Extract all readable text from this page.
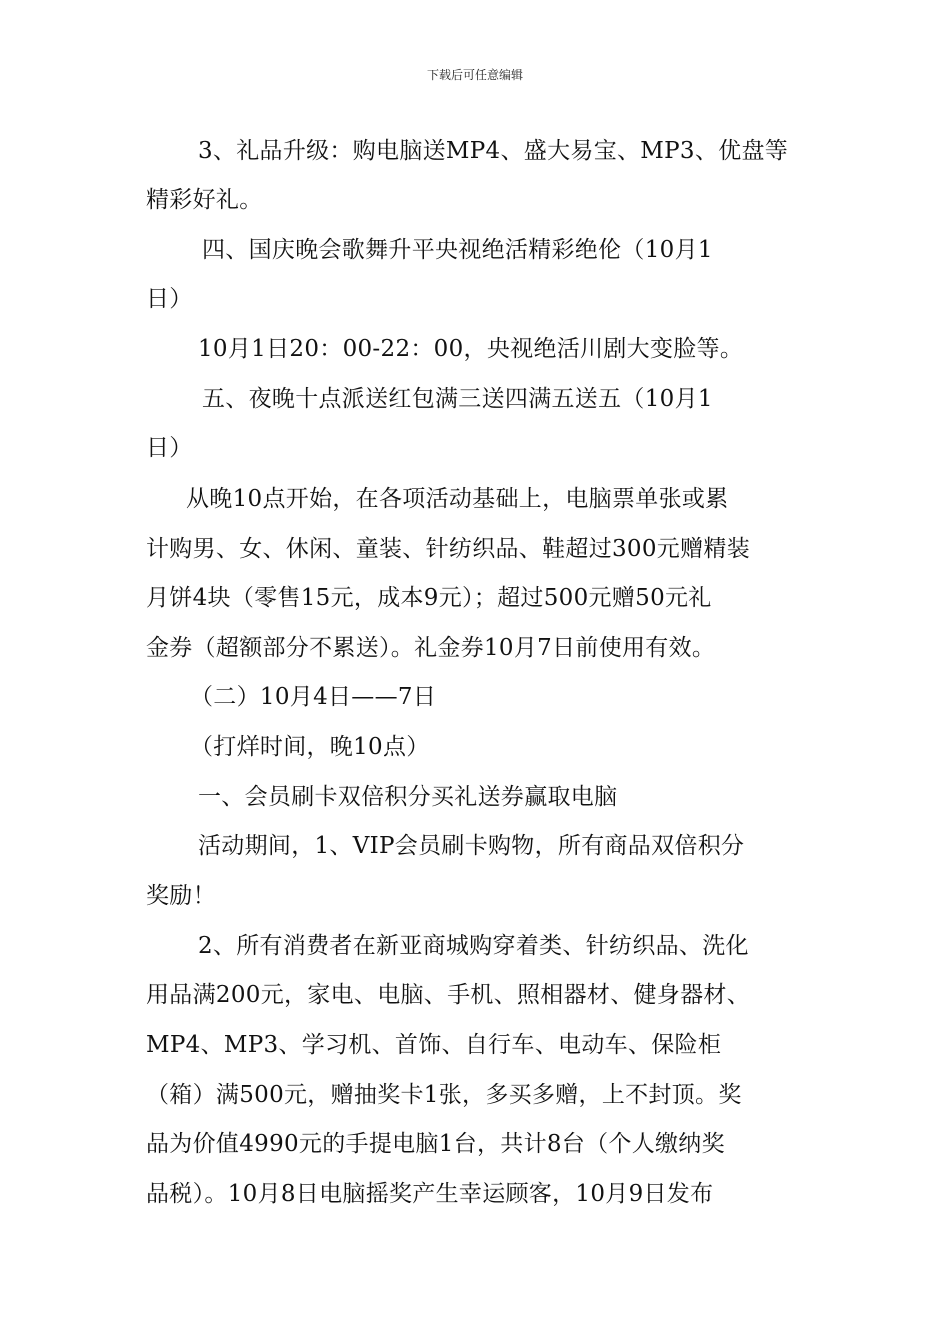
下载后可任意编辑
3、礼品升级：购电脑送MP4、盛大易宝、MP3、优盘等
精彩好礼。
四、国庆晚会歌舞升平央视绝活精彩绝伦（10月1
日）
10月1日20：00-22：00，央视绝活川剧大变脸等。
五、夜晚十点派送红包满三送四满五送五（10月1
日）
从晚10点开始，在各项活动基础上，电脑票单张或累
计购男、女、休闲、童装、针纺织品、鞋超过300元赠精装
月饼4块（零售15元，成本9元）；超过500元赠50元礼
金券（超额部分不累送）。礼金券10月7日前使用有效。
（二）10月4日——7日
（打烊时间，晚10点）
一、会员刷卡双倍积分买礼送券赢取电脑
活动期间，1、VIP会员刷卡购物，所有商品双倍积分
奖励！
2、所有消费者在新亚商城购穿着类、针纺织品、洗化
用品满200元，家电、电脑、手机、照相器材、健身器材、
MP4、MP3、学习机、首饰、自行车、电动车、保险柜
（箱）满500元，赠抽奖卡1张，多买多赠，上不封顶。奖
品为价值4990元的手提电脑1台，共计8台（个人缴纳奖
品税）。10月8日电脑摇奖产生幸运顾客，10月9日发布
